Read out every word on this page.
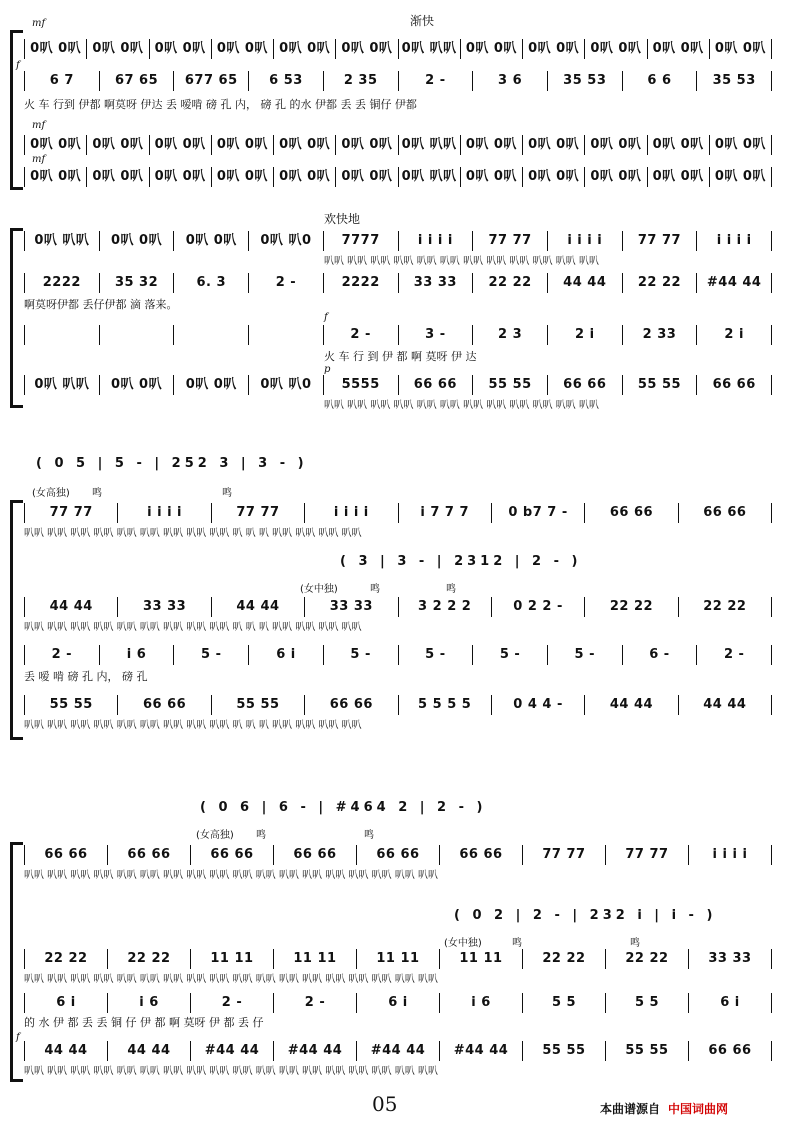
mf	渐快
0叭 0叭 0叭 0叭 0叭 0叭 0叭 0叭 0叭 0叭 0叭 0叭 0叭 叭叭 0叭 0叭 0叭 0叭 0叭 0叭 0叭 0叭 0叭 0叭
f
6 7	67 65	677 65	6 53	2 35	2 -	3 6	35 53	6 6	35 53
火 车 行到 伊都 啊莫呀 伊达 丢 嗳啃 磅 孔 内， 磅 孔 的水 伊都 丢 丢 铜仔 伊都
mf
0叭 0叭 0叭 0叭 0叭 0叭 0叭 0叭 0叭 0叭 0叭 0叭 0叭 叭叭 0叭 0叭 0叭 0叭 0叭 0叭 0叭 0叭 0叭 0叭
mf
0叭 0叭 0叭 0叭 0叭 0叭 0叭 0叭 0叭 0叭 0叭 0叭 0叭 叭叭 0叭 0叭 0叭 0叭 0叭 0叭 0叭 0叭 0叭 0叭
欢快地
0叭 叭叭	0叭 0叭	0叭 0叭	0叭 叭0	7777	i i i i	77 77	i i i i	77 77	i i i i
叭叭 叭叭 叭叭 叭叭 叭叭 叭叭 叭叭 叭叭 叭叭 叭叭 叭叭 叭叭
2222	35 32	6. 3	2 -	2222	33 33	22 22	44 44	22 22	#44 44
啊莫呀伊都 丢仔伊都 滴 落来。
f
2 -	3 -	2 3	2 i	2 33	2 i
火 车 行 到 伊 都 啊 莫呀 伊 达
p
0叭 叭叭	0叭 0叭	0叭 0叭	0叭 叭0	5555	66 66	55 55	66 66	55 55	66 66
叭叭 叭叭 叭叭 叭叭 叭叭 叭叭 叭叭 叭叭 叭叭 叭叭 叭叭 叭叭
( 0 5 | 5 - | 252 3 | 3 - )
(女高独) 鸣	鸣
77 77	i i i i	77 77	i i i i	i 7 7 7	0 b7 7 -	66 66	66 66
叭叭 叭叭 叭叭 叭叭 叭叭 叭叭 叭叭 叭叭 叭叭 叭 叭 叭 叭叭 叭叭 叭叭 叭叭
( 3 | 3 - | 2312 | 2 - )
(女中独)	鸣	鸣
44 44	33 33	44 44	33 33	3 2 2 2	0 2 2 -	22 22	22 22
叭叭 叭叭 叭叭 叭叭 叭叭 叭叭 叭叭 叭叭 叭叭 叭 叭 叭 叭叭 叭叭 叭叭 叭叭
2 -	i 6	5 -	6 i	5 -	5 -	5 -	5 -	6 -	2 -
丢 嗳 啃 磅 孔 内， 磅 孔
55 55	66 66	55 55	66 66	5 5 5 5	0 4 4 -	44 44	44 44
叭叭 叭叭 叭叭 叭叭 叭叭 叭叭 叭叭 叭叭 叭叭 叭 叭 叭 叭叭 叭叭 叭叭 叭叭
( 0 6 | 6 - | #464 2 | 2 - )
(女高独) 鸣	鸣
66 66	66 66	66 66	66 66	66 66	66 66	77 77	77 77	i i i i
叭叭 叭叭 叭叭 叭叭 叭叭 叭叭 叭叭 叭叭 叭叭 叭叭 叭叭 叭叭 叭叭 叭叭 叭叭 叭叭 叭叭 叭叭
( 0 2 | 2 - | 232 i | i - )
(女中独)	鸣	鸣
22 22	22 22	11 11	11 11	11 11	11 11	22 22	22 22	33 33
叭叭 叭叭 叭叭 叭叭 叭叭 叭叭 叭叭 叭叭 叭叭 叭叭 叭叭 叭叭 叭叭 叭叭 叭叭 叭叭 叭叭 叭叭
6 i	i 6	2 -	2 -	6 i	i 6	5 5	5 5	6 i
的 水 伊 都 丢 丢 铜 仔 伊 都 啊 莫呀 伊 都 丢 仔
f
44 44	44 44	#44 44	#44 44	#44 44	#44 44	55 55	55 55	66 66
叭叭 叭叭 叭叭 叭叭 叭叭 叭叭 叭叭 叭叭 叭叭 叭叭 叭叭 叭叭 叭叭 叭叭 叭叭 叭叭 叭叭 叭叭
05	本曲谱源自 中国词曲网
